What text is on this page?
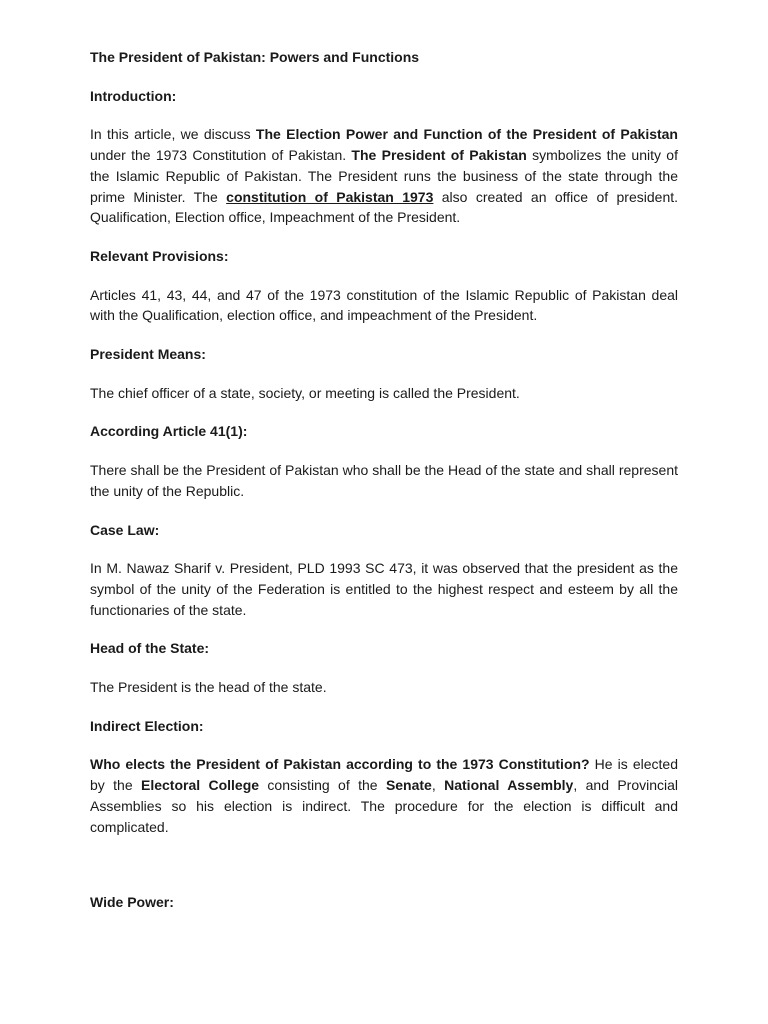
The President of Pakistan: Powers and Functions

Introduction:

In this article, we discuss The Election Power and Function of the President of Pakistan under the 1973 Constitution of Pakistan. The President of Pakistan symbolizes the unity of the Islamic Republic of Pakistan. The President runs the business of the state through the prime Minister. The constitution of Pakistan 1973 also created an office of president. Qualification, Election office, Impeachment of the President.

Relevant Provisions:

Articles 41, 43, 44, and 47 of the 1973 constitution of the Islamic Republic of Pakistan deal with the Qualification, election office, and impeachment of the President.

President Means:

The chief officer of a state, society, or meeting is called the President.

According Article 41(1):

There shall be the President of Pakistan who shall be the Head of the state and shall represent the unity of the Republic.

Case Law:

In M. Nawaz Sharif v. President, PLD 1993 SC 473, it was observed that the president as the symbol of the unity of the Federation is entitled to the highest respect and esteem by all the functionaries of the state.

Head of the State:

The President is the head of the state.

Indirect Election:

Who elects the President of Pakistan according to the 1973 Constitution? He is elected by the Electoral College consisting of the Senate, National Assembly, and Provincial Assemblies so his election is indirect. The procedure for the election is difficult and complicated.

Wide Power:
